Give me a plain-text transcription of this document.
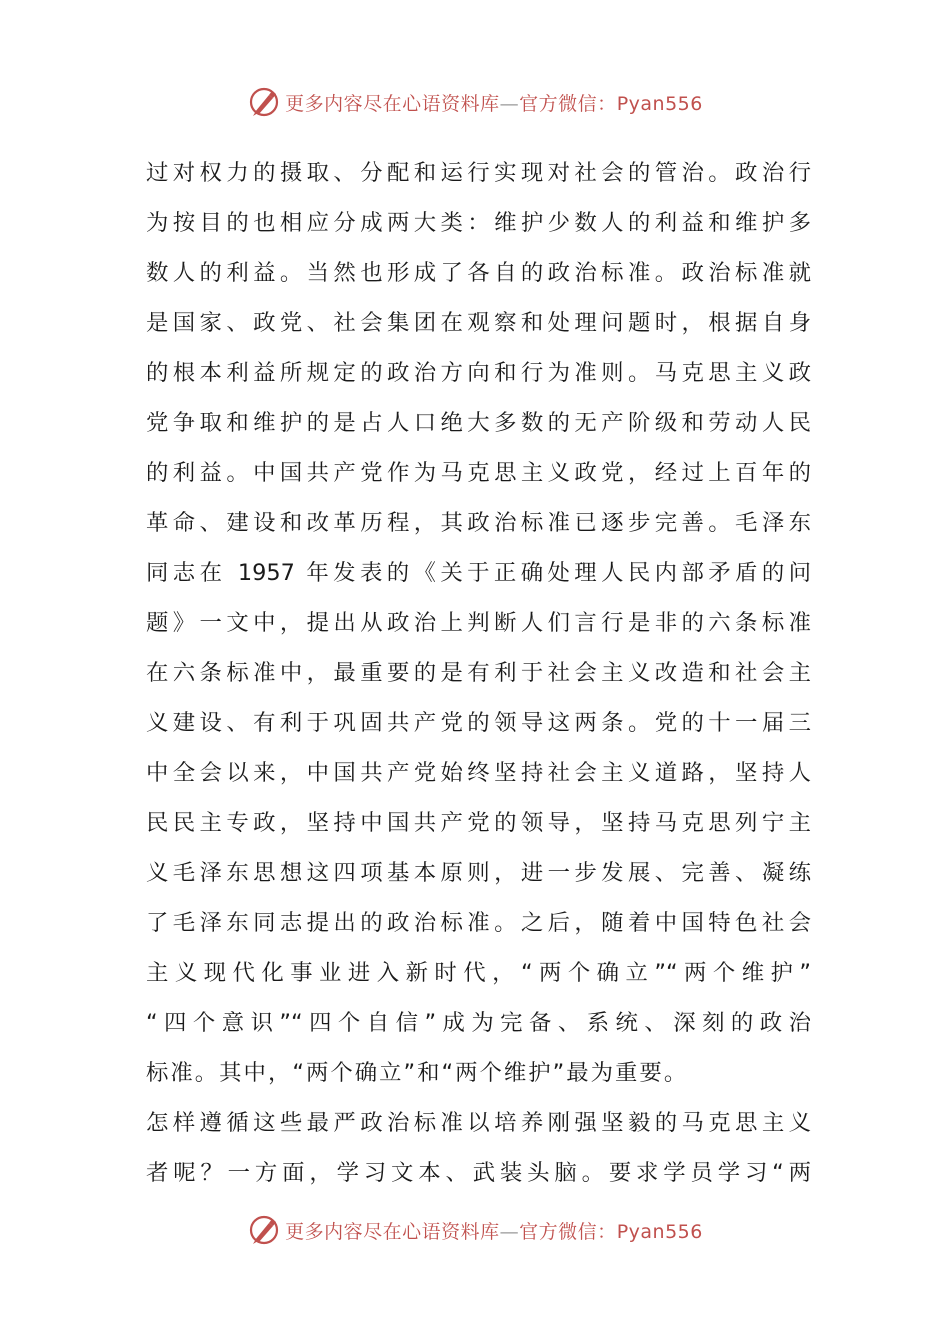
更多内容尽在心语资料库—官方微信：Pyan556
过对权力的摄取、分配和运行实现对社会的管治。政治行
为按目的也相应分成两大类：维护少数人的利益和维护多
数人的利益。当然也形成了各自的政治标准。政治标准就
是国家、政党、社会集团在观察和处理问题时，根据自身
的根本利益所规定的政治方向和行为准则。马克思主义政
党争取和维护的是占人口绝大多数的无产阶级和劳动人民
的利益。中国共产党作为马克思主义政党，经过上百年的
革命、建设和改革历程，其政治标准已逐步完善。毛泽东
同志在 1957 年发表的《关于正确处理人民内部矛盾的问
题》一文中，提出从政治上判断人们言行是非的六条标准
在六条标准中，最重要的是有利于社会主义改造和社会主
义建设、有利于巩固共产党的领导这两条。党的十一届三
中全会以来，中国共产党始终坚持社会主义道路，坚持人
民民主专政，坚持中国共产党的领导，坚持马克思列宁主
义毛泽东思想这四项基本原则，进一步发展、完善、凝练
了毛泽东同志提出的政治标准。之后，随着中国特色社会
主义现代化事业进入新时代，“两个确立”“两个维护”
“四个意识”“四个自信”成为完备、系统、深刻的政治
标准。其中，“两个确立”和“两个维护”最为重要。
怎样遵循这些最严政治标准以培养刚强坚毅的马克思主义
者呢？一方面，学习文本、武装头脑。要求学员学习“两
更多内容尽在心语资料库—官方微信：Pyan556
